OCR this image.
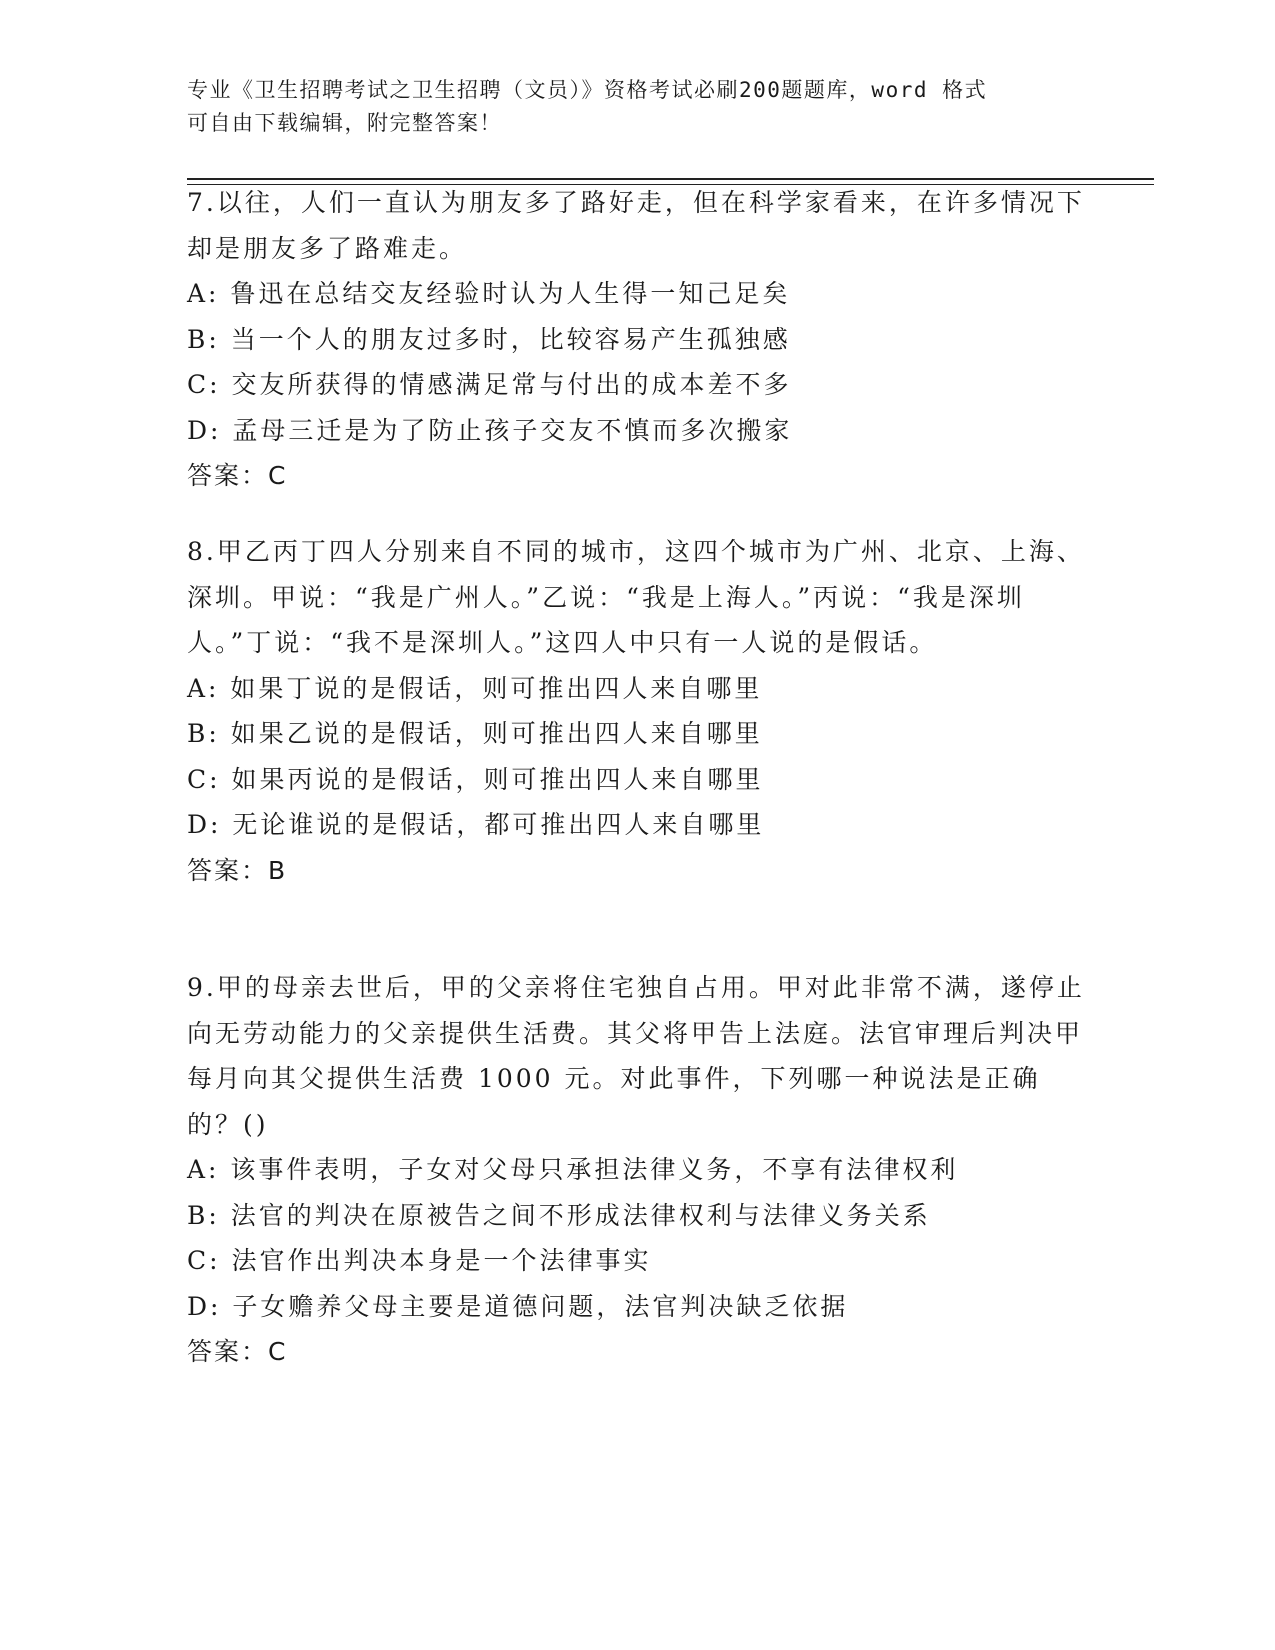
专业《卫生招聘考试之卫生招聘（文员）》资格考试必刷200题题库，word 格式
可自由下载编辑，附完整答案！
7.以往，人们一直认为朋友多了路好走，但在科学家看来，在许多情况下却是朋友多了路难走。
A: 鲁迅在总结交友经验时认为人生得一知己足矣
B: 当一个人的朋友过多时，比较容易产生孤独感
C: 交友所获得的情感满足常与付出的成本差不多
D: 孟母三迁是为了防止孩子交友不慎而多次搬家
答案：C
8.甲乙丙丁四人分别来自不同的城市，这四个城市为广州、北京、上海、深圳。甲说：“我是广州人。”乙说：“我是上海人。”丙说：“我是深圳人。”丁说：“我不是深圳人。”这四人中只有一人说的是假话。
A: 如果丁说的是假话，则可推出四人来自哪里
B: 如果乙说的是假话，则可推出四人来自哪里
C: 如果丙说的是假话，则可推出四人来自哪里
D: 无论谁说的是假话，都可推出四人来自哪里
答案：B
9.甲的母亲去世后，甲的父亲将住宅独自占用。甲对此非常不满，遂停止向无劳动能力的父亲提供生活费。其父将甲告上法庭。法官审理后判决甲每月向其父提供生活费 1000 元。对此事件，下列哪一种说法是正确的？()
A: 该事件表明，子女对父母只承担法律义务，不享有法律权利
B: 法官的判决在原被告之间不形成法律权利与法律义务关系
C: 法官作出判决本身是一个法律事实
D: 子女赡养父母主要是道德问题，法官判决缺乏依据
答案：C
